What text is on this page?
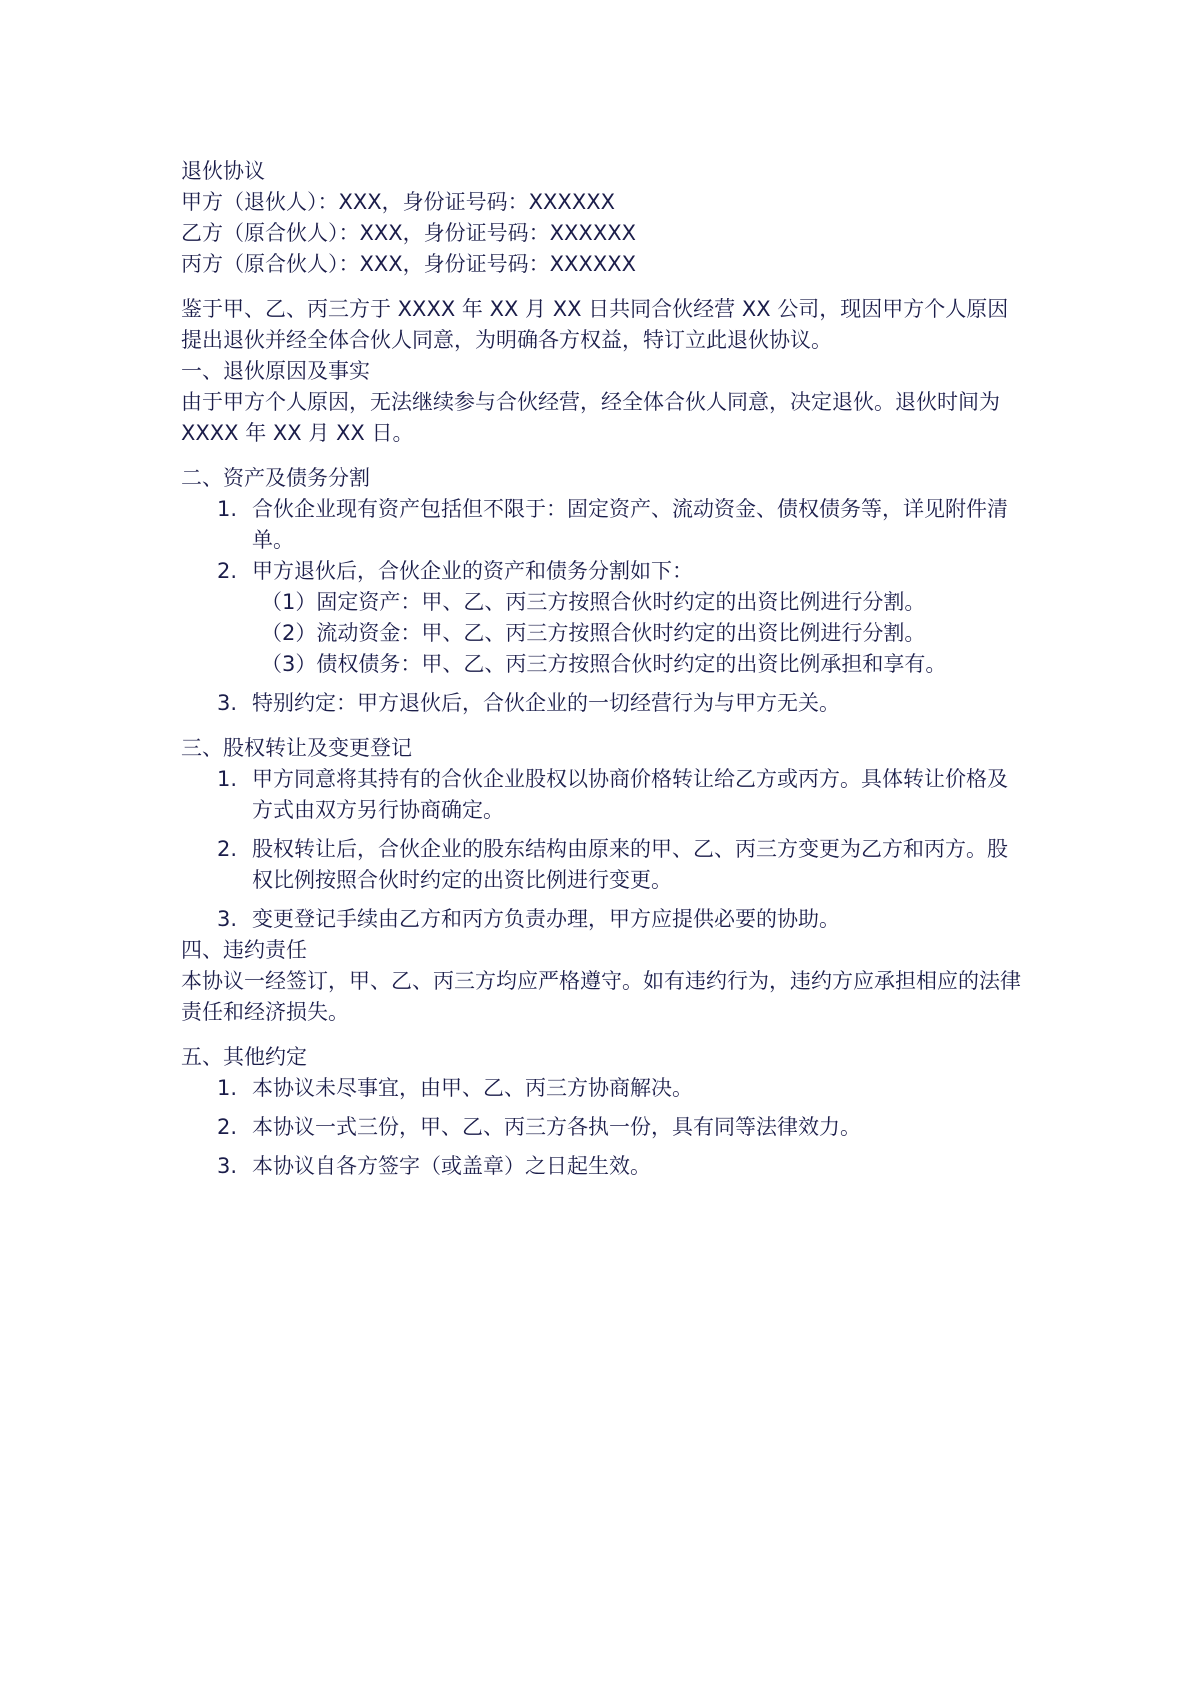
退伙协议
甲方（退伙人）：XXX，身份证号码：XXXXXX
乙方（原合伙人）：XXX，身份证号码：XXXXXX
丙方（原合伙人）：XXX，身份证号码：XXXXXX
鉴于甲、乙、丙三方于 XXXX 年 XX 月 XX 日共同合伙经营 XX 公司，现因甲方个人原因提出退伙并经全体合伙人同意，为明确各方权益，特订立此退伙协议。
一、退伙原因及事实
由于甲方个人原因，无法继续参与合伙经营，经全体合伙人同意，决定退伙。退伙时间为 XXXX 年 XX 月 XX 日。
二、资产及债务分割
1. 合伙企业现有资产包括但不限于：固定资产、流动资金、债权债务等，详见附件清单。
2. 甲方退伙后，合伙企业的资产和债务分割如下：
（1）固定资产：甲、乙、丙三方按照合伙时约定的出资比例进行分割。
（2）流动资金：甲、乙、丙三方按照合伙时约定的出资比例进行分割。
（3）债权债务：甲、乙、丙三方按照合伙时约定的出资比例承担和享有。
3. 特别约定：甲方退伙后，合伙企业的一切经营行为与甲方无关。
三、股权转让及变更登记
1. 甲方同意将其持有的合伙企业股权以协商价格转让给乙方或丙方。具体转让价格及方式由双方另行协商确定。
2. 股权转让后，合伙企业的股东结构由原来的甲、乙、丙三方变更为乙方和丙方。股权比例按照合伙时约定的出资比例进行变更。
3. 变更登记手续由乙方和丙方负责办理，甲方应提供必要的协助。
四、违约责任
本协议一经签订，甲、乙、丙三方均应严格遵守。如有违约行为，违约方应承担相应的法律责任和经济损失。
五、其他约定
1. 本协议未尽事宜，由甲、乙、丙三方协商解决。
2. 本协议一式三份，甲、乙、丙三方各执一份，具有同等法律效力。
3. 本协议自各方签字（或盖章）之日起生效。
